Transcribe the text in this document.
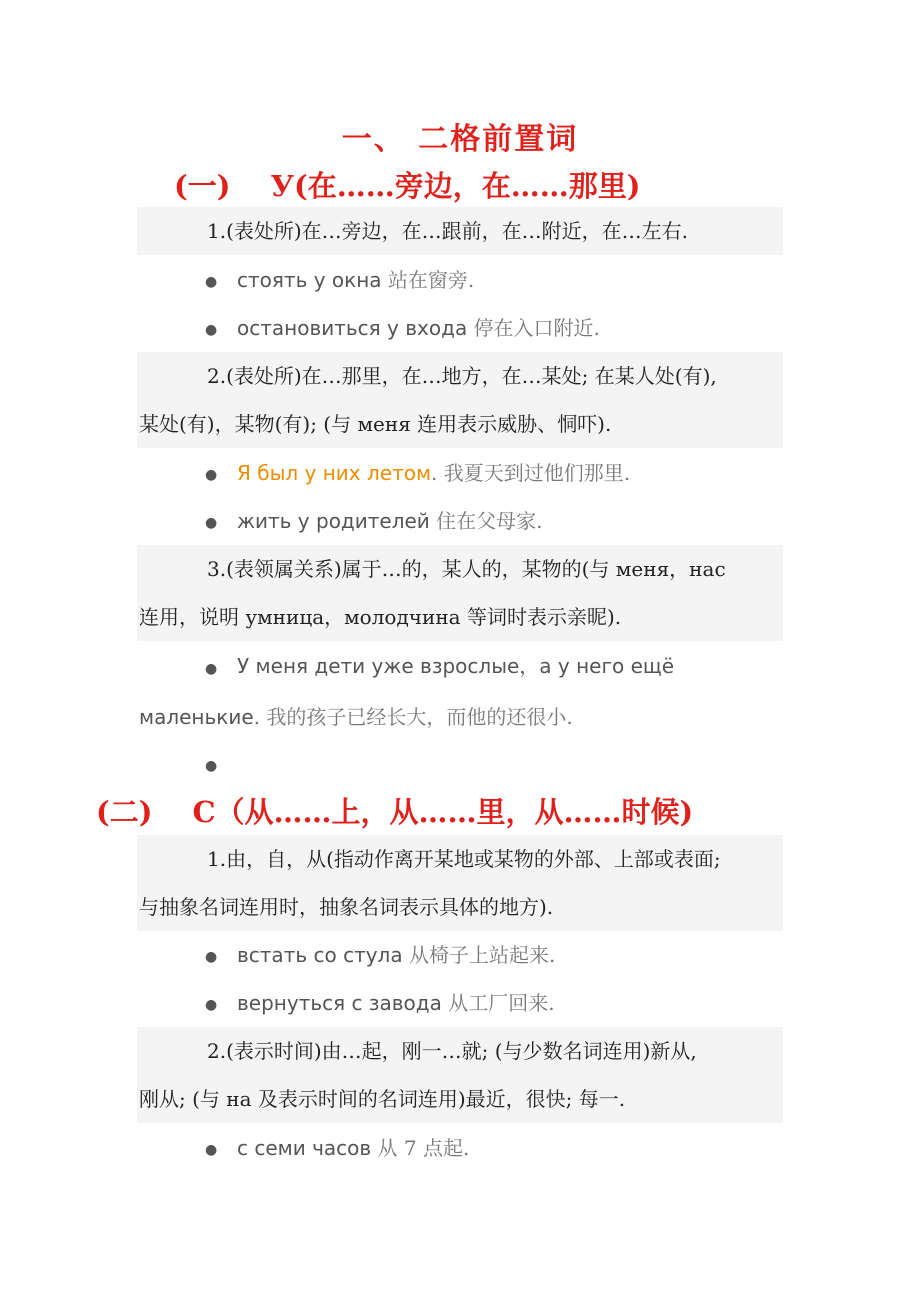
一、 二格前置词
(一) У(在……旁边，在……那里)
1.(表处所)在…旁边，在…跟前，在…附近，在…左右.
● стоять у окна 站在窗旁.
● остановиться у входа 停在入口附近.
2.(表处所)在…那里，在…地方，在…某处; 在某人处(有),
某处(有)，某物(有); (与 меня 连用表示威胁、恫吓).
● Я был у них летом. 我夏天到过他们那里.
● жить у родителей 住在父母家.
3.(表领属关系)属于…的，某人的，某物的(与 меня，нас
连用，说明 умница，молодчина 等词时表示亲昵).
● У меня дети уже взрослые，а у него ещё
маленькие. 我的孩子已经长大，而他的还很小.
●
(二) С（从……上，从……里，从……时候)
1.由，自，从(指动作离开某地或某物的外部、上部或表面;
与抽象名词连用时，抽象名词表示具体的地方).
● встать со стула 从椅子上站起来.
● вернуться с завода 从工厂回来.
2.(表示时间)由…起，刚一…就; (与少数名词连用)新从,
刚从; (与 на 及表示时间的名词连用)最近，很快; 每一.
● с семи часов 从 7 点起.
